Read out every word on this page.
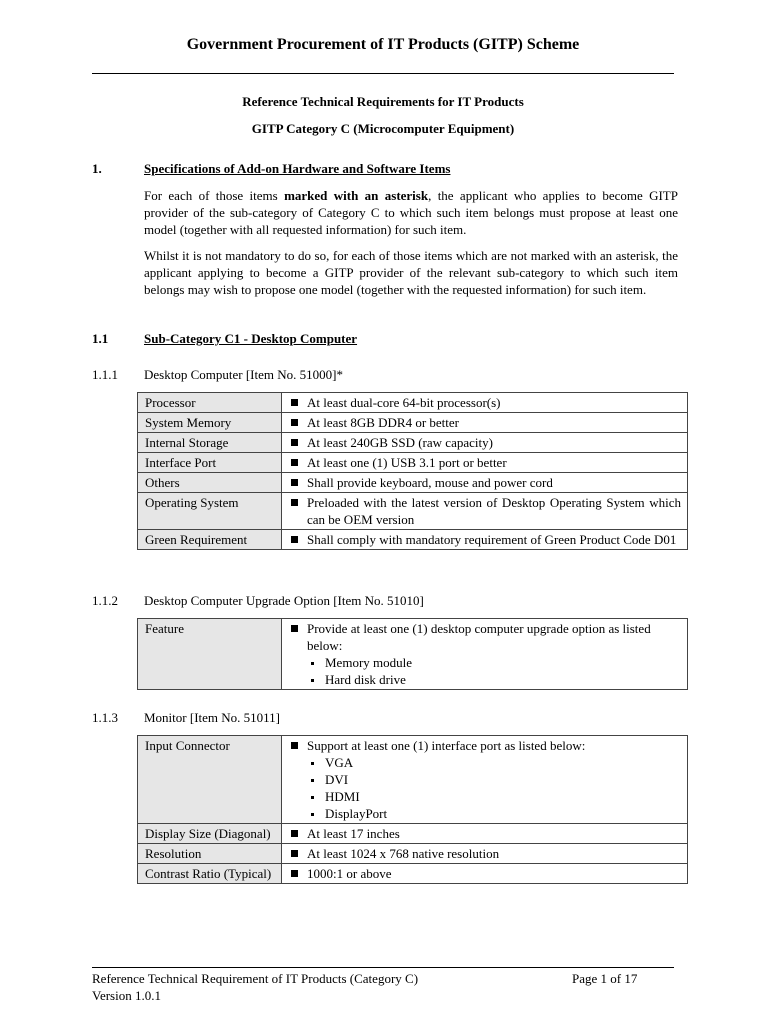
Government Procurement of IT Products (GITP) Scheme
Reference Technical Requirements for IT Products
GITP Category C (Microcomputer Equipment)
1.	Specifications of Add-on Hardware and Software Items
For each of those items marked with an asterisk, the applicant who applies to become GITP provider of the sub-category of Category C to which such item belongs must propose at least one model (together with all requested information) for such item.
Whilst it is not mandatory to do so, for each of those items which are not marked with an asterisk, the applicant applying to become a GITP provider of the relevant sub-category to which such item belongs may wish to propose one model (together with the requested information) for such item.
1.1	Sub-Category C1 - Desktop Computer
1.1.1 Desktop Computer [Item No. 51000]*
Processor	At least dual-core 64-bit processor(s)

System Memory	At least 8GB DDR4 or better

Internal Storage	At least 240GB SSD (raw capacity)

Interface Port	At least one (1) USB 3.1 port or better

Others	Shall provide keyboard, mouse and power cord

Operating System	Preloaded with the latest version of Desktop Operating System which can be OEM version

Green Requirement	Shall comply with mandatory requirement of Green Product Code D01
1.1.2 Desktop Computer Upgrade Option [Item No. 51010]
Feature	Provide at least one (1) desktop computer upgrade option as listed below:
Memory module
Hard disk drive
1.1.3 Monitor [Item No. 51011]
Input Connector	Support at least one (1) interface port as listed below:
VGA
DVI
HDMI
DisplayPort

Display Size (Diagonal)	At least 17 inches

Resolution	At least 1024 x 768 native resolution

Contrast Ratio (Typical)	1000:1 or above
Reference Technical Requirement of IT Products (Category C)
Version 1.0.1
Page 1 of 17
